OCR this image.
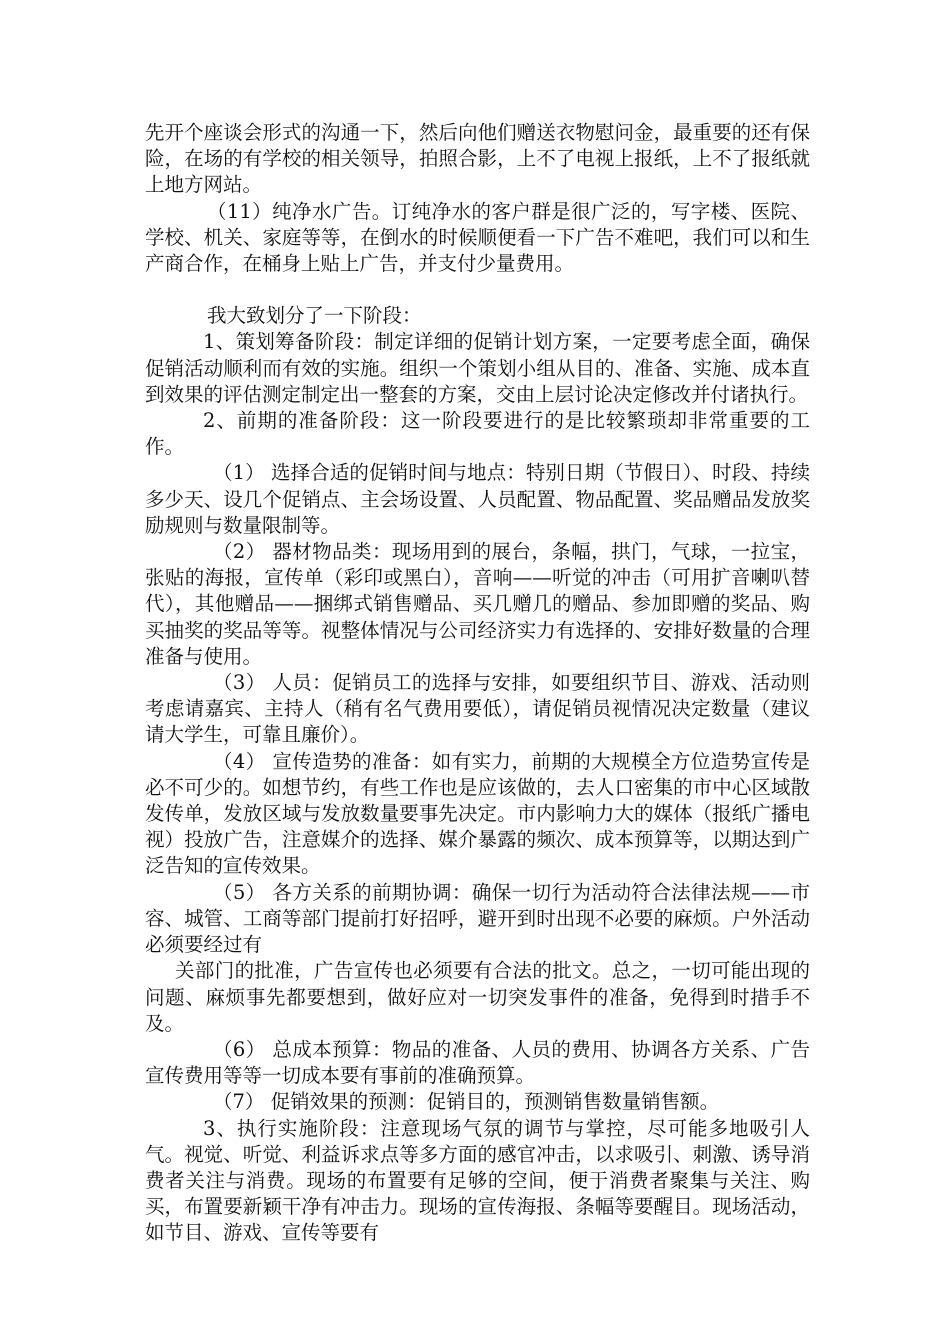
先开个座谈会形式的沟通一下，然后向他们赠送衣物慰问金，最重要的还有保险，在场的有学校的相关领导，拍照合影，上不了电视上报纸，上不了报纸就上地方网站。

（11）纯净水广告。订纯净水的客户群是很广泛的，写字楼、医院、学校、机关、家庭等等，在倒水的时候顺便看一下广告不难吧，我们可以和生产商合作，在桶身上贴上广告，并支付少量费用。

我大致划分了一下阶段：

1、策划筹备阶段：制定详细的促销计划方案，一定要考虑全面，确保促销活动顺利而有效的实施。组织一个策划小组从目的、准备、实施、成本直到效果的评估测定制定出一整套的方案，交由上层讨论决定修改并付诸执行。

2、前期的准备阶段：这一阶段要进行的是比较繁琐却非常重要的工作。

（1） 选择合适的促销时间与地点：特别日期（节假日）、时段、持续多少天、设几个促销点、主会场设置、人员配置、物品配置、奖品赠品发放奖励规则与数量限制等。

（2） 器材物品类：现场用到的展台，条幅，拱门，气球，一拉宝，张贴的海报，宣传单（彩印或黑白），音响——听觉的冲击（可用扩音喇叭替代），其他赠品——捆绑式销售赠品、买几赠几的赠品、参加即赠的奖品、购买抽奖的奖品等等。视整体情况与公司经济实力有选择的、安排好数量的合理准备与使用。

（3） 人员：促销员工的选择与安排，如要组织节目、游戏、活动则考虑请嘉宾、主持人（稍有名气费用要低），请促销员视情况决定数量（建议请大学生，可靠且廉价）。

（4） 宣传造势的准备：如有实力，前期的大规模全方位造势宣传是必不可少的。如想节约，有些工作也是应该做的，去人口密集的市中心区域散发传单，发放区域与发放数量要事先决定。市内影响力大的媒体（报纸广播电视）投放广告，注意媒介的选择、媒介暴露的频次、成本预算等，以期达到广泛告知的宣传效果。

（5） 各方关系的前期协调：确保一切行为活动符合法律法规——市容、城管、工商等部门提前打好招呼，避开到时出现不必要的麻烦。户外活动必须要经过有

关部门的批准，广告宣传也必须要有合法的批文。总之，一切可能出现的问题、麻烦事先都要想到，做好应对一切突发事件的准备，免得到时措手不及。

（6） 总成本预算：物品的准备、人员的费用、协调各方关系、广告宣传费用等等一切成本要有事前的准确预算。

（7） 促销效果的预测：促销目的，预测销售数量销售额。

3、执行实施阶段：注意现场气氛的调节与掌控，尽可能多地吸引人气。视觉、听觉、利益诉求点等多方面的感官冲击，以求吸引、刺激、诱导消费者关注与消费。现场的布置要有足够的空间，便于消费者聚集与关注、购买，布置要新颖干净有冲击力。现场的宣传海报、条幅等要醒目。现场活动，如节目、游戏、宣传等要有
